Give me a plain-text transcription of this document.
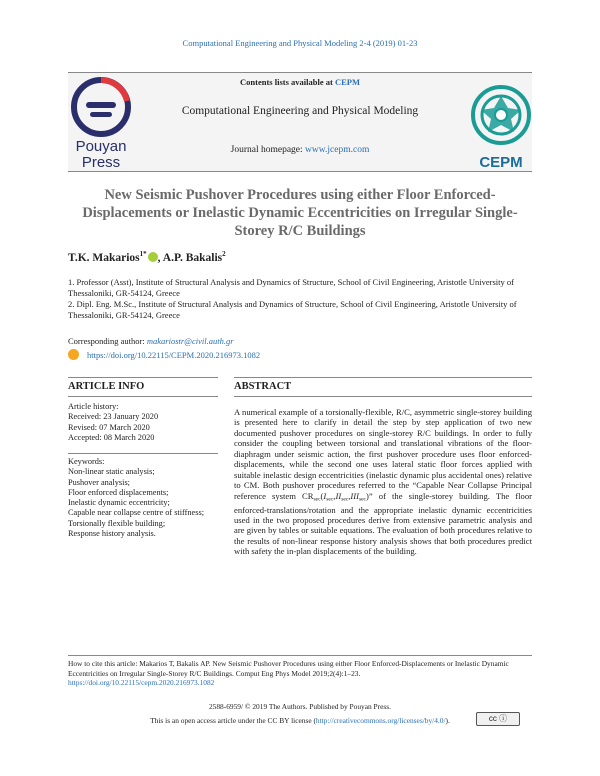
Computational Engineering and Physical Modeling 2-4 (2019) 01-23
Contents lists available at CEPM
Computational Engineering and Physical Modeling
Journal homepage: www.jcepm.com
Pouyan
Press	CEPM
New Seismic Pushover Procedures using either Floor Enforced-Displacements or Inelastic Dynamic Eccentricities on Irregular Single-Storey R/C Buildings
T.K. Makarios$^{1*}$ , A.P. Bakalis$^2$
1. Professor (Asst), Institute of Structural Analysis and Dynamics of Structure, School of Civil Engineering, Aristotle University of Thessaloniki, GR-54124, Greece
2. Dipl. Eng. M.Sc., Institute of Structural Analysis and Dynamics of Structure, School of Civil Engineering, Aristotle University of Thessaloniki, GR-54124, Greece
Corresponding author: makariostr@civil.auth.gr
https://doi.org/10.22115/CEPM.2020.216973.1082
ARTICLE INFO	ABSTRACT
Article history:
Received: 23 January 2020
Revised: 07 March 2020
Accepted: 08 March 2020
Keywords:
Non-linear static analysis;
Pushover analysis;
Floor enforced displacements;
Inelastic dynamic eccentricity;
Capable near collapse centre of stiffness;
Torsionally flexible building;
Response history analysis.
A numerical example of a torsionally-flexible, R/C, asymmetric single-storey building is presented here to clarify in detail the step by step application of two new documented pushover procedures on single-storey R/C buildings. In order to fully consider the coupling between torsional and translational vibrations of the floor-diaphragm under seismic action, the first pushover procedure uses floor enforced-displacements, while the second one uses lateral static floor forces applied with suitable inelastic design eccentricities (inelastic dynamic plus accidental ones) relative to CM. Both pushover procedures referred to the “Capable Near Collapse Principal reference system $CR_{sec}(I_{sec},II_{sec},III_{sec})$” of the single-storey building. The floor enforced-translations/rotation and the appropriate inelastic dynamic eccentricities used in the two proposed procedures derive from extensive parametric analysis and are given by tables or suitable equations. The evaluation of both procedures relative to the results of non-linear response history analysis shows that both procedures predict with safety the in-plan displacements of the building.
How to cite this article: Makarios T, Bakalis AP. New Seismic Pushover Procedures using either Floor Enforced-Displacements or Inelastic Dynamic Eccentricities on Irregular Single-Storey R/C Buildings. Comput Eng Phys Model 2019;2(4):1–23.
https://doi.org/10.22115/cepm.2020.216973.1082
2588-6959/ © 2019 The Authors. Published by Pouyan Press.
This is an open access article under the CC BY license (http://creativecommons.org/licenses/by/4.0/).	cc ⓘ
